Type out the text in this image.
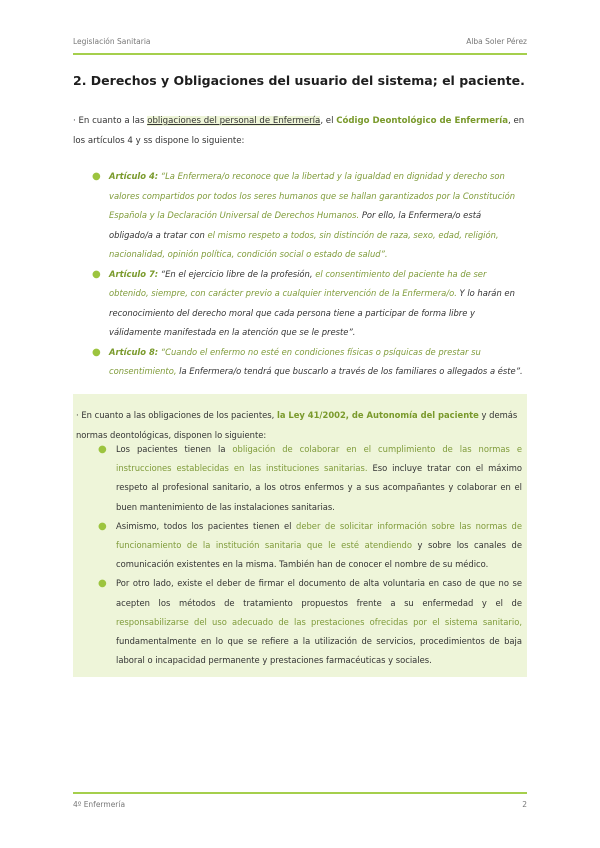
Legislación Sanitaria	Alba Soler Pérez
2. Derechos y Obligaciones del usuario del sistema; el paciente.

· En cuanto a las obligaciones del personal de Enfermería, el Código Deontológico de Enfermería, en los artículos 4 y ss dispone lo siguiente:

● Artículo 4: “La Enfermera/o reconoce que la libertad y la igualdad en dignidad y derecho son valores compartidos por todos los seres humanos que se hallan garantizados por la Constitución Española y la Declaración Universal de Derechos Humanos. Por ello, la Enfermera/o está obligado/a a tratar con el mismo respeto a todos, sin distinción de raza, sexo, edad, religión, nacionalidad, opinión política, condición social o estado de salud”.
● Artículo 7: “En el ejercicio libre de la profesión, el consentimiento del paciente ha de ser obtenido, siempre, con carácter previo a cualquier intervención de la Enfermera/o. Y lo harán en reconocimiento del derecho moral que cada persona tiene a participar de forma libre y válidamente manifestada en la atención que se le preste”.
● Artículo 8: “Cuando el enfermo no esté en condiciones físicas o psíquicas de prestar su consentimiento, la Enfermera/o tendrá que buscarlo a través de los familiares o allegados a éste”.

· En cuanto a las obligaciones de los pacientes, la Ley 41/2002, de Autonomía del paciente y demás normas deontológicas, disponen lo siguiente:

● Los pacientes tienen la obligación de colaborar en el cumplimiento de las normas e instrucciones establecidas en las instituciones sanitarias. Eso incluye tratar con el máximo respeto al profesional sanitario, a los otros enfermos y a sus acompañantes y colaborar en el buen mantenimiento de las instalaciones sanitarias.
● Asimismo, todos los pacientes tienen el deber de solicitar información sobre las normas de funcionamiento de la institución sanitaria que le esté atendiendo y sobre los canales de comunicación existentes en la misma. También han de conocer el nombre de su médico.
● Por otro lado, existe el deber de firmar el documento de alta voluntaria en caso de que no se acepten los métodos de tratamiento propuestos frente a su enfermedad y el de responsabilizarse del uso adecuado de las prestaciones ofrecidas por el sistema sanitario, fundamentalmente en lo que se refiere a la utilización de servicios, procedimientos de baja laboral o incapacidad permanente y prestaciones farmacéuticas y sociales.
4º Enfermería	2
